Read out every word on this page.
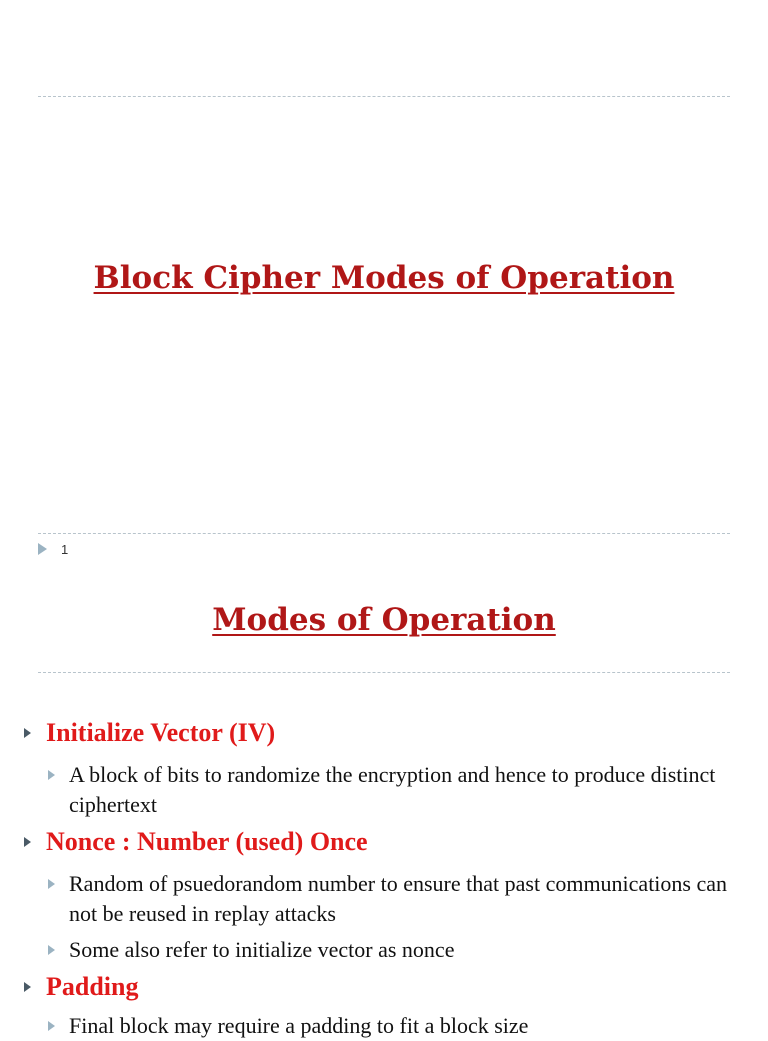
Block Cipher Modes of Operation
1
Modes of Operation
Initialize Vector (IV)
A block of bits to randomize the encryption and hence to produce distinct ciphertext
Nonce : Number (used) Once
Random of psuedorandom number to ensure that past communications can not be reused in replay attacks
Some also refer to initialize vector as nonce
Padding
Final block may require a padding to fit a block size
